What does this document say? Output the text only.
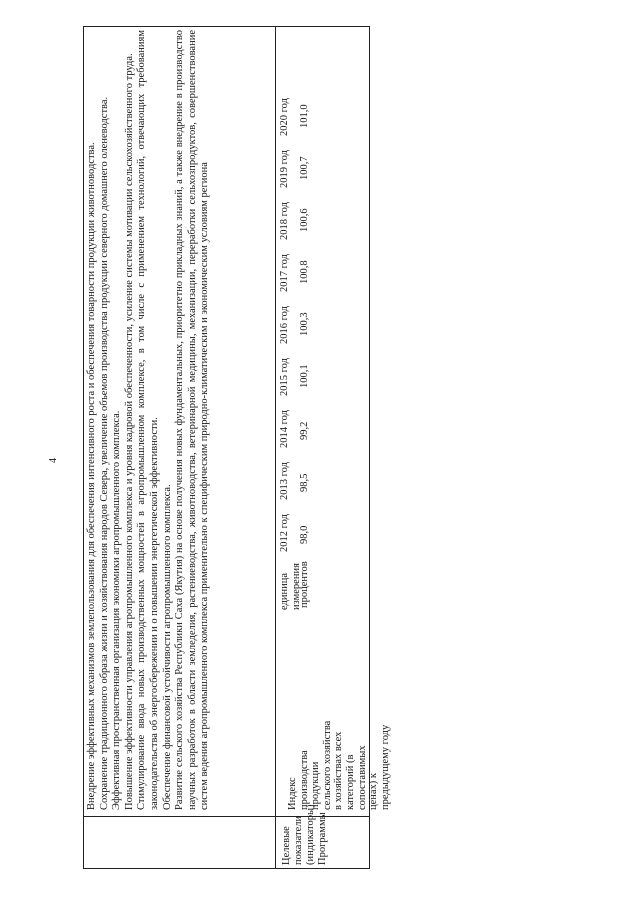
4
Целевые показатели (индикаторы) Программы

Внедрение эффективных механизмов землепользования для обеспечения интенсивного роста и обеспечения товарности продукции животноводства. Сохранение традиционного образа жизни и хозяйствования народов Севера, увеличение объемов производства продукции северного домашнего оленеводства. Эффективная пространственная организация экономики агропромышленного комплекса. Повышение эффективности управления агропромышленного комплекса и уровня кадровой обеспеченности, усиление системы мотивации сельскохозяйственного труда. Стимулирование ввода новых производственных мощностей в агропромышленном комплексе, в том числе с применением технологий, отвечающих требованиям законодательства об энергосбережении и о повышении энергетической эффективности. Обеспечение финансовой устойчивости агропромышленного комплекса. Развитие сельского хозяйства Республики Саха (Якутия) на основе получения новых фундаментальных, приоритетно прикладных знаний, а также внедрение в производство научных разработок в области земледелия, растениеводства, животноводства, ветеринарной медицины, механизации, переработки сельхозпродуктов, совершенствование систем ведения агропромышленного комплекса применительно к специфическим природно-климатическим и экономическим условиям региона	Индекс производства продукции сельского хозяйства в хозяйствах всех категорий (в сопоставимых ценах) к предыдущему году
единица измерения
процентов
2012 год
2013 год
2014 год
2015 год
2016 год
2017 год
2018 год
2019 год
2020 год
98,0
98,5
99,2
100,1
100,3
100,8
100,6
100,7
101,0
